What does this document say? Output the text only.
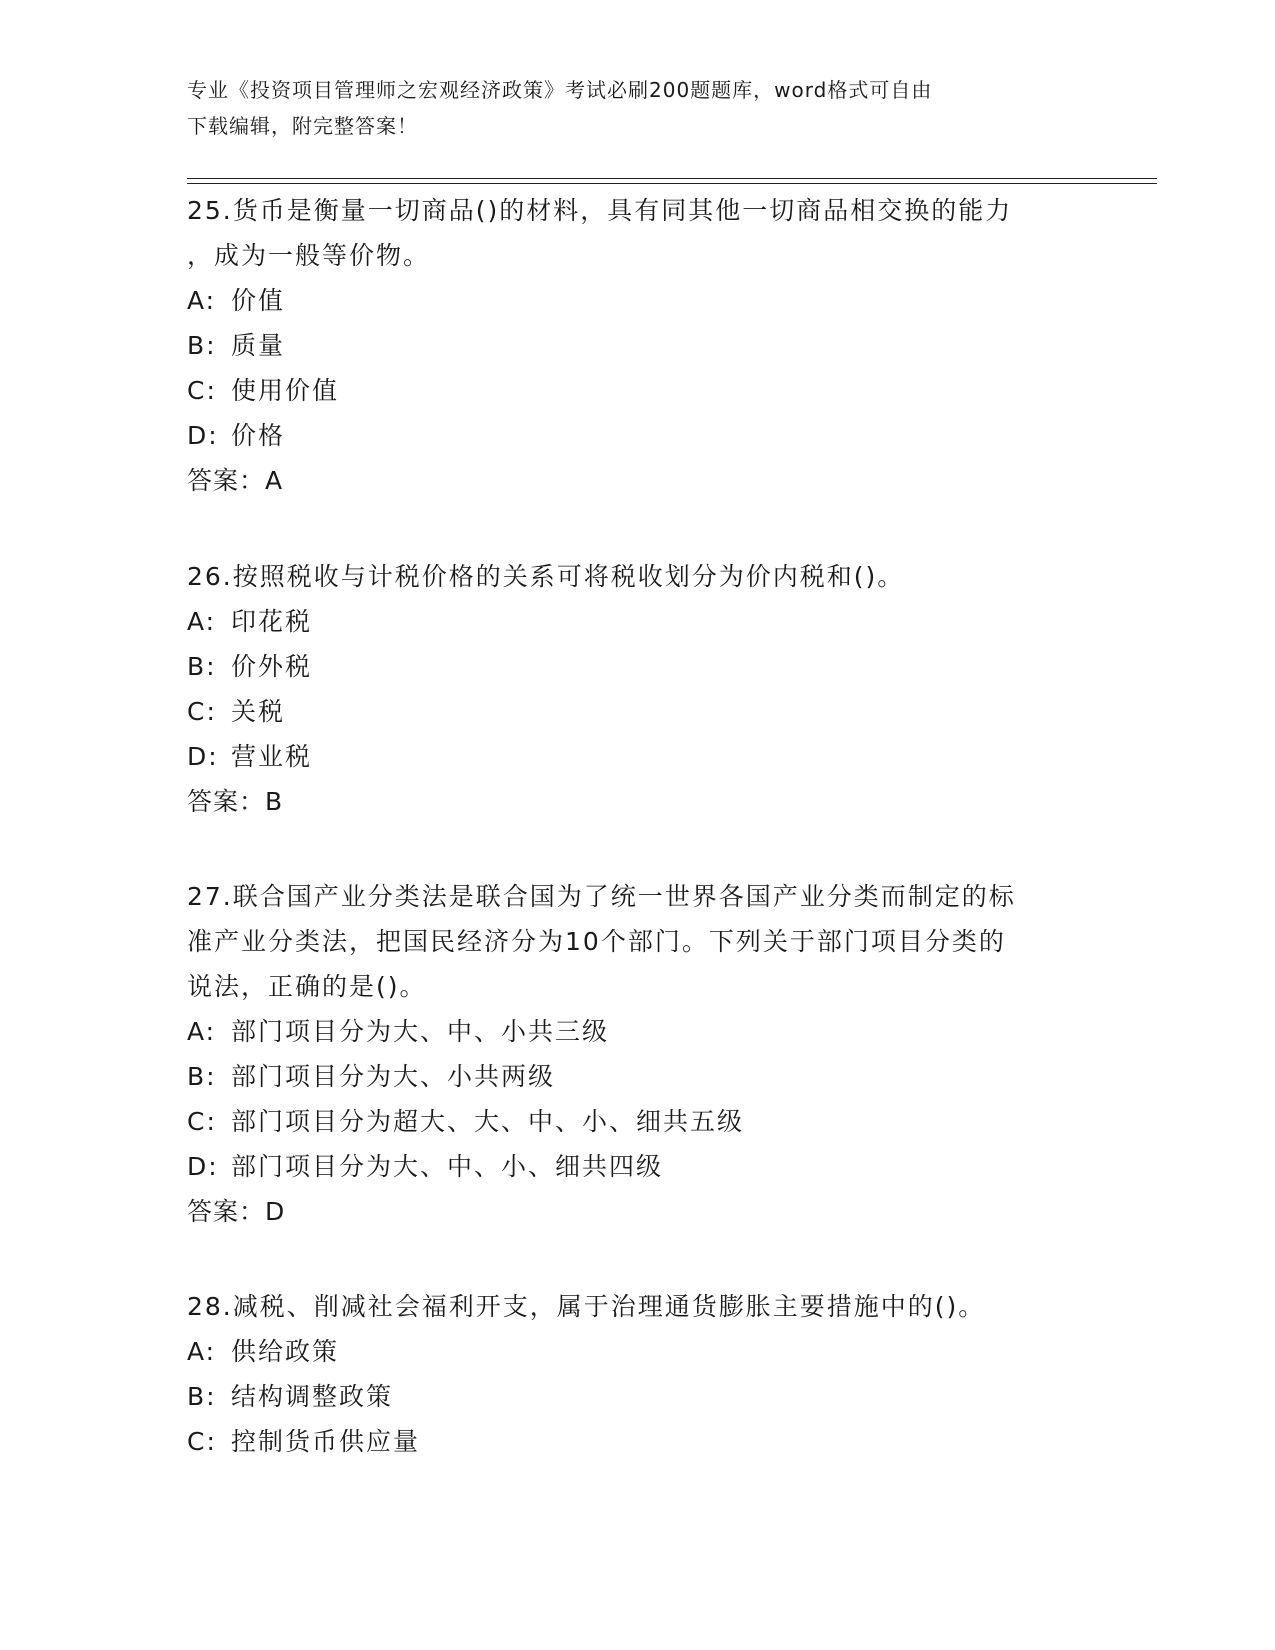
专业《投资项目管理师之宏观经济政策》考试必刷200题题库，word格式可自由
下载编辑，附完整答案！

25.货币是衡量一切商品()的材料，具有同其他一切商品相交换的能力

，成为一般等价物。

A: 价值

B: 质量

C: 使用价值

D: 价格

答案：A

26.按照税收与计税价格的关系可将税收划分为价内税和()。

A: 印花税

B: 价外税

C: 关税

D: 营业税

答案：B

27.联合国产业分类法是联合国为了统一世界各国产业分类而制定的标

准产业分类法，把国民经济分为10个部门。下列关于部门项目分类的

说法，正确的是()。

A: 部门项目分为大、中、小共三级

B: 部门项目分为大、小共两级

C: 部门项目分为超大、大、中、小、细共五级

D: 部门项目分为大、中、小、细共四级

答案：D

28.减税、削减社会福利开支，属于治理通货膨胀主要措施中的()。

A: 供给政策

B: 结构调整政策

C: 控制货币供应量
